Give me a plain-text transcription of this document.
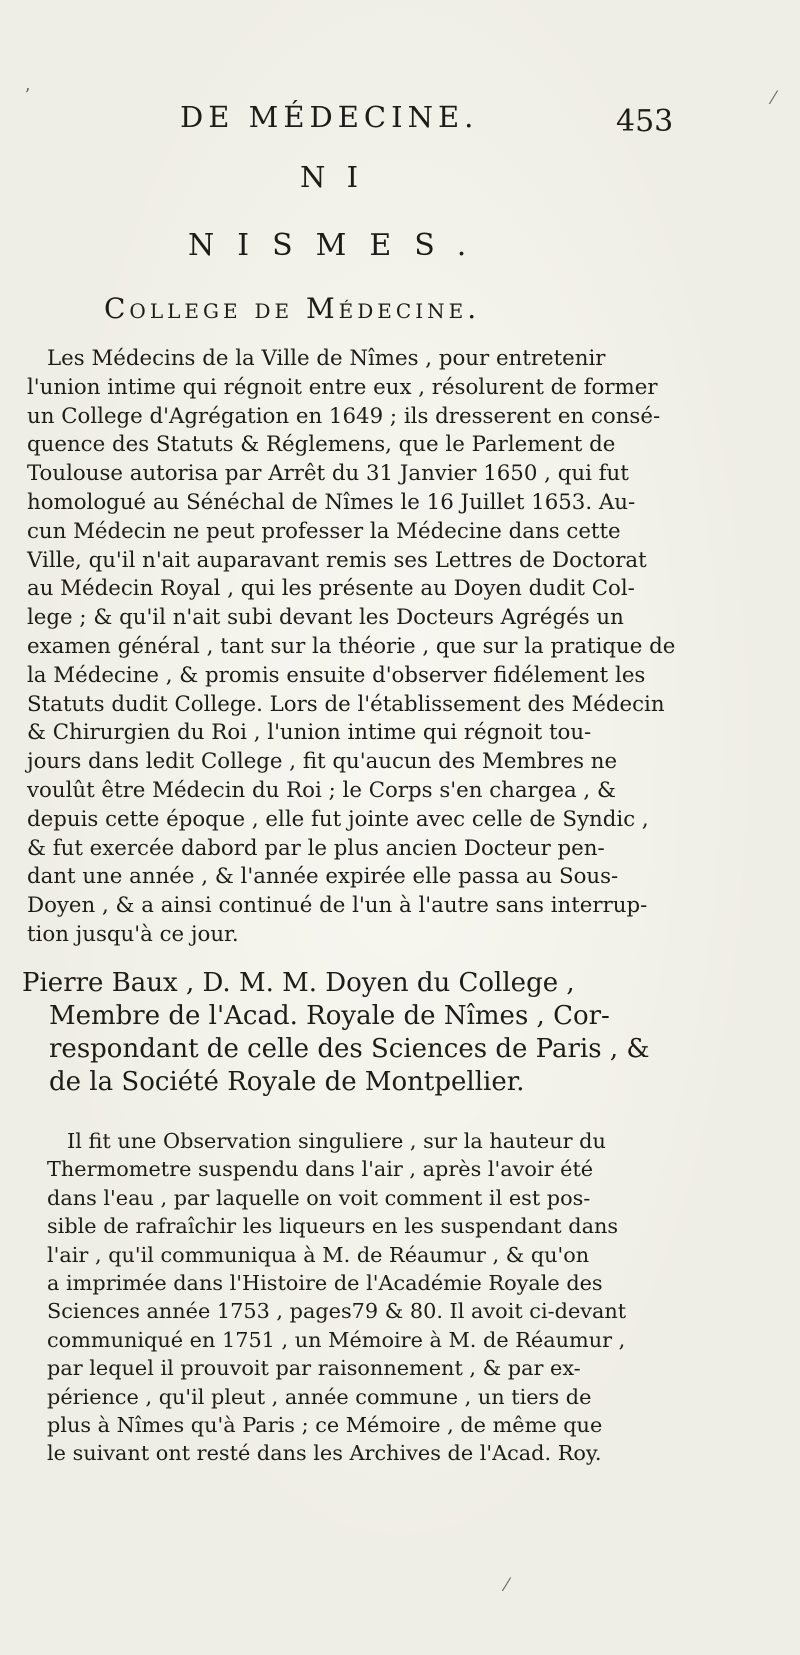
DE MÉDECINE.	453
N I
NISMES.
College de Médecine.
Les Médecins de la Ville de Nîmes , pour entretenir
l'union intime qui régnoit entre eux , résolurent de former
un College d'Agrégation en 1649 ; ils dresserent en consé-
quence des Statuts & Réglemens, que le Parlement de
Toulouse autorisa par Arrêt du 31 Janvier 1650 , qui fut
homologué au Sénéchal de Nîmes le 16 Juillet 1653. Au-
cun Médecin ne peut professer la Médecine dans cette
Ville, qu'il n'ait auparavant remis ses Lettres de Doctorat
au Médecin Royal , qui les présente au Doyen dudit Col-
lege ; & qu'il n'ait subi devant les Docteurs Agrégés un
examen général , tant sur la théorie , que sur la pratique de
la Médecine , & promis ensuite d'observer fidélement les
Statuts dudit College. Lors de l'établissement des Médecin
& Chirurgien du Roi , l'union intime qui régnoit tou-
jours dans ledit College , fit qu'aucun des Membres ne
voulût être Médecin du Roi ; le Corps s'en chargea , &
depuis cette époque , elle fut jointe avec celle de Syndic ,
& fut exercée dabord par le plus ancien Docteur pen-
dant une année , & l'année expirée elle passa au Sous-
Doyen , & a ainsi continué de l'un à l'autre sans interrup-
tion jusqu'à ce jour.
Pierre Baux , D. M. M. Doyen du College ,
Membre de l'Acad. Royale de Nîmes , Cor-
respondant de celle des Sciences de Paris , &
de la Société Royale de Montpellier.
Il fit une Observation singuliere , sur la hauteur du
Thermometre suspendu dans l'air , après l'avoir été
dans l'eau , par laquelle on voit comment il est pos-
sible de rafraîchir les liqueurs en les suspendant dans
l'air , qu'il communiqua à M. de Réaumur , & qu'on
a imprimée dans l'Histoire de l'Académie Royale des
Sciences année 1753 , pages79 & 80. Il avoit ci-devant
communiqué en 1751 , un Mémoire à M. de Réaumur ,
par lequel il prouvoit par raisonnement , & par ex-
périence , qu'il pleut , année commune , un tiers de
plus à Nîmes qu'à Paris ; ce Mémoire , de même que
le suivant ont resté dans les Archives de l'Acad. Roy.
ʼ	⁄
⁄
